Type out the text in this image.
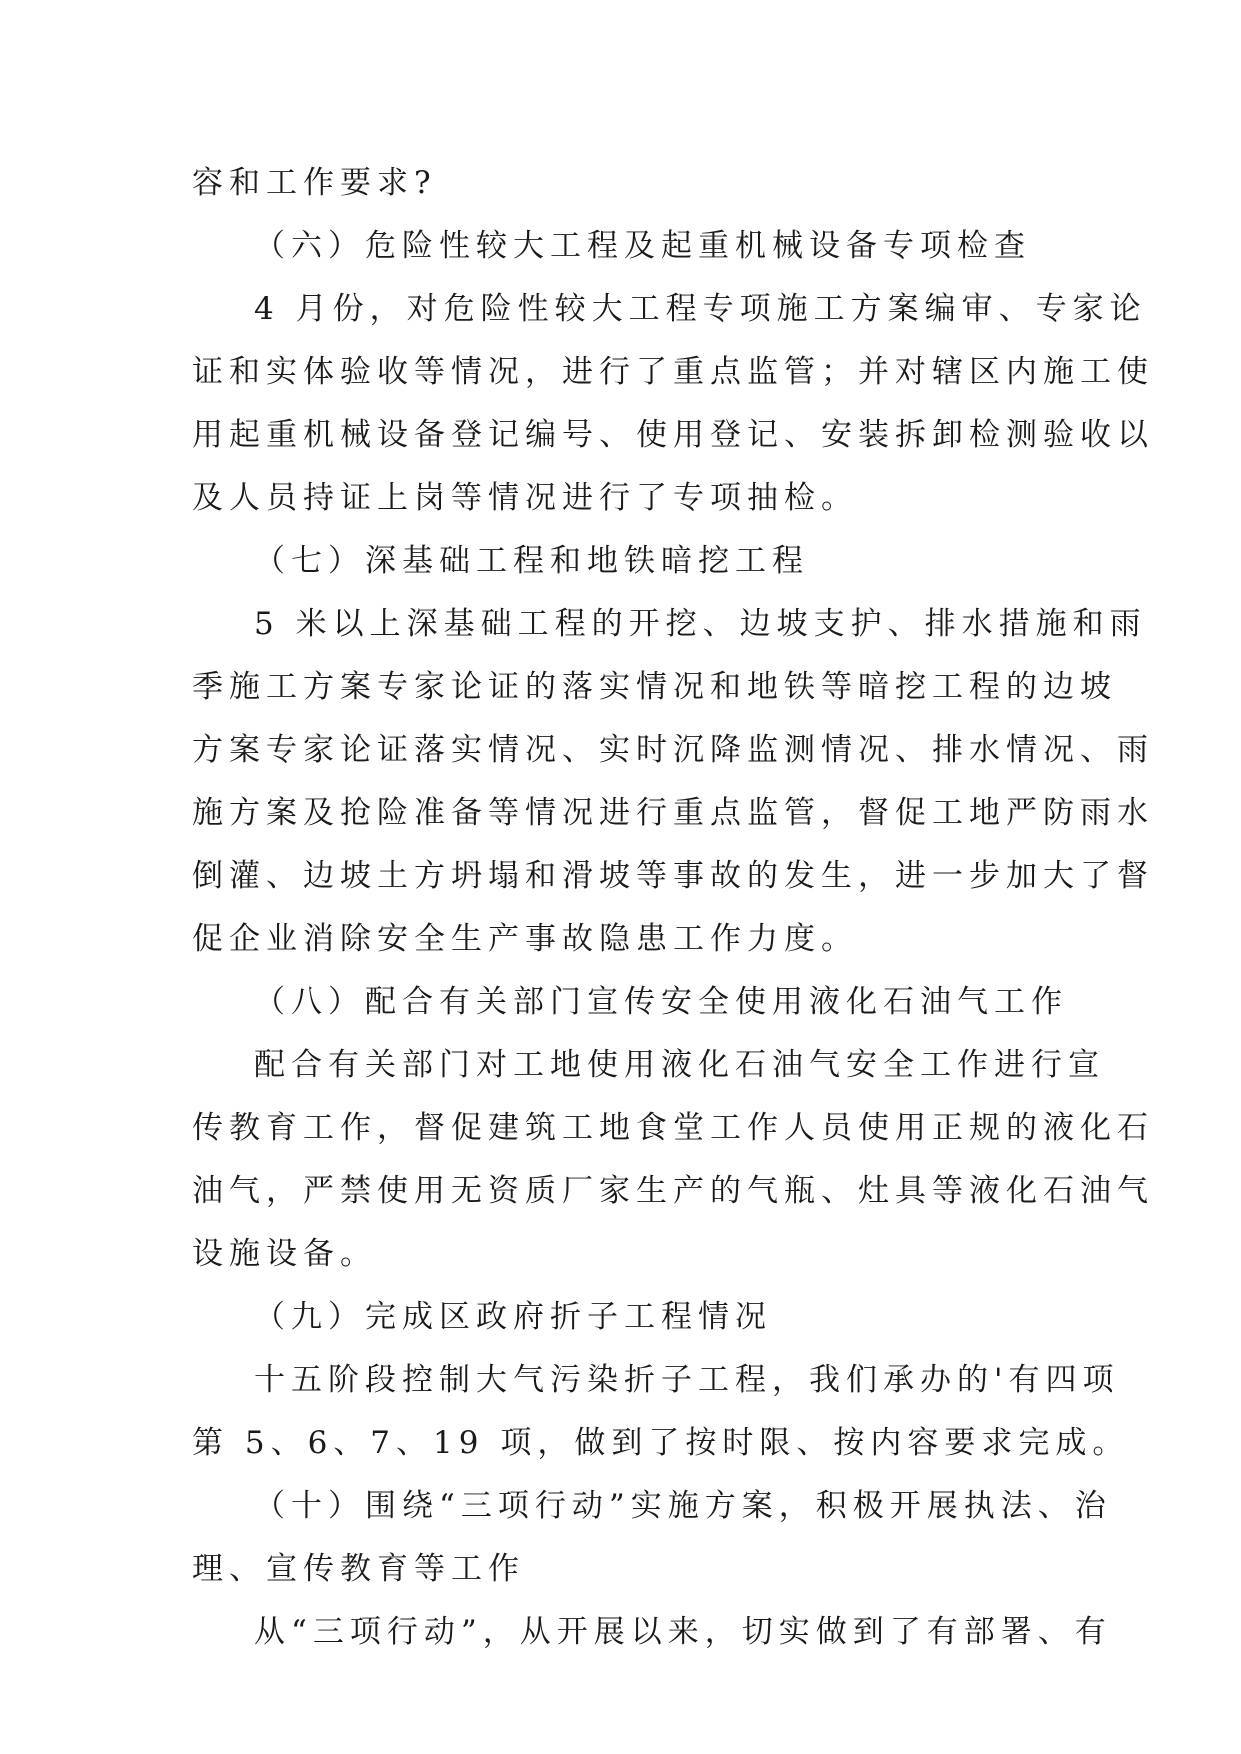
容和工作要求?
（六）危险性较大工程及起重机械设备专项检查
4 月份，对危险性较大工程专项施工方案编审、专家论
证和实体验收等情况，进行了重点监管；并对辖区内施工使
用起重机械设备登记编号、使用登记、安装拆卸检测验收以
及人员持证上岗等情况进行了专项抽检。
（七）深基础工程和地铁暗挖工程
5 米以上深基础工程的开挖、边坡支护、排水措施和雨
季施工方案专家论证的落实情况和地铁等暗挖工程的边坡
方案专家论证落实情况、实时沉降监测情况、排水情况、雨
施方案及抢险准备等情况进行重点监管，督促工地严防雨水
倒灌、边坡土方坍塌和滑坡等事故的发生，进一步加大了督
促企业消除安全生产事故隐患工作力度。
（八）配合有关部门宣传安全使用液化石油气工作
配合有关部门对工地使用液化石油气安全工作进行宣
传教育工作，督促建筑工地食堂工作人员使用正规的液化石
油气，严禁使用无资质厂家生产的气瓶、灶具等液化石油气
设施设备。
（九）完成区政府折子工程情况
十五阶段控制大气污染折子工程，我们承办的'有四项
第 5、6、7、19 项，做到了按时限、按内容要求完成。
（十）围绕“三项行动”实施方案，积极开展执法、治
理、宣传教育等工作
从“三项行动”，从开展以来，切实做到了有部署、有
